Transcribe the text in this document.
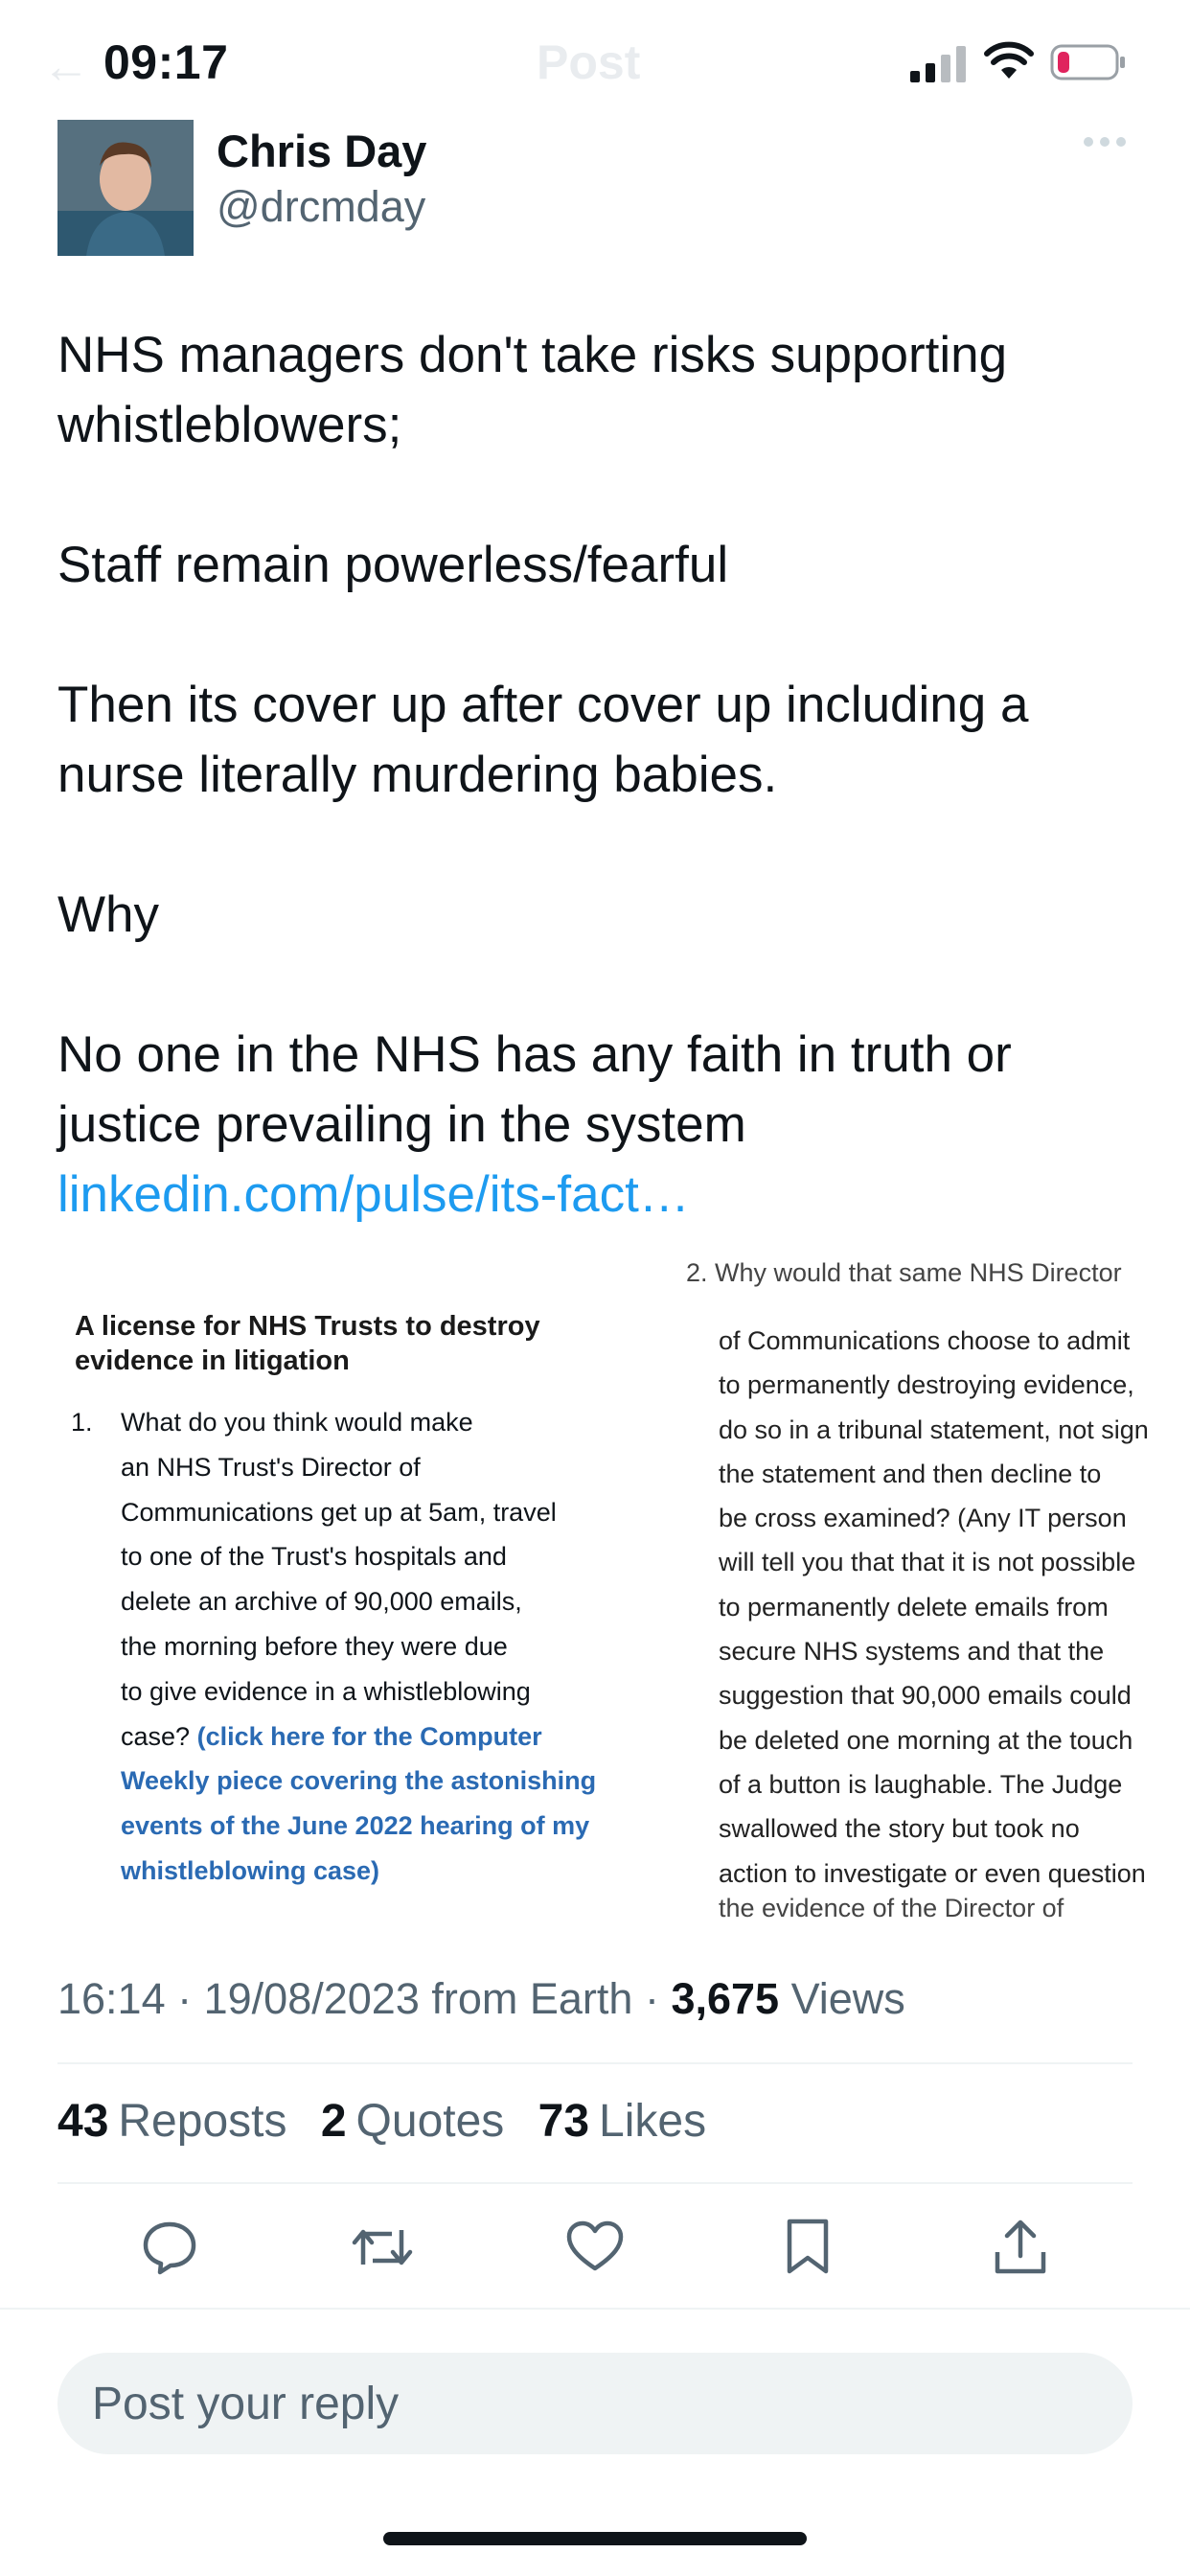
←	Post
09:17
Chris Day
@drcmday

NHS managers don't take risks supporting whistleblowers;

Staff remain powerless/fearful

Then its cover up after cover up including a nurse literally murdering babies.

Why

No one in the NHS has any faith in truth or justice prevailing in the system

linkedin.com/pulse/its-fact…

A license for NHS Trusts to destroy
evidence in litigation
1. What do you think would make
an NHS Trust's Director of
Communications get up at 5am, travel
to one of the Trust's hospitals and
delete an archive of 90,000 emails,
the morning before they were due
to give evidence in a whistleblowing
case? (click here for the Computer
Weekly piece covering the astonishing
events of the June 2022 hearing of my
whistleblowing case)
2. Why would that same NHS Director
of Communications choose to admit
to permanently destroying evidence,
do so in a tribunal statement, not sign
the statement and then decline to
be cross examined? (Any IT person
will tell you that that it is not possible
to permanently delete emails from
secure NHS systems and that the
suggestion that 90,000 emails could
be deleted one morning at the touch
of a button is laughable. The Judge
swallowed the story but took no
action to investigate or even question
the evidence of the Director of
16:14 · 19/08/2023 from Earth · 3,675 Views
43 Reposts 2 Quotes 73 Likes
Post your reply
